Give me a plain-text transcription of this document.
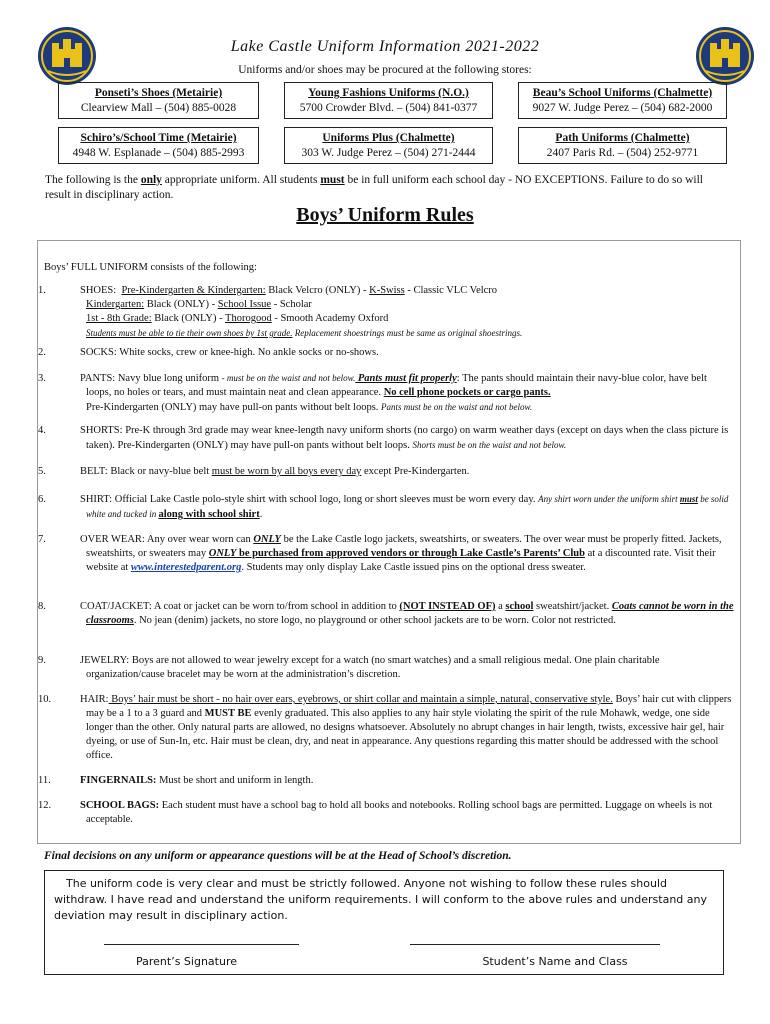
Lake Castle Uniform Information 2021-2022
Uniforms and/or shoes may be procured at the following stores:
Ponseti’s Shoes (Metairie)
Clearview Mall – (504) 885-0028
Young Fashions Uniforms (N.O.)
5700 Crowder Blvd. – (504) 841-0377
Beau’s School Uniforms (Chalmette)
9027 W. Judge Perez – (504) 682-2000
Schiro’s/School Time (Metairie)
4948 W. Esplanade – (504) 885-2993
Uniforms Plus (Chalmette)
303 W. Judge Perez – (504) 271-2444
Path Uniforms (Chalmette)
2407 Paris Rd. – (504) 252-9771
The following is the only appropriate uniform. All students must be in full uniform each school day - NO EXCEPTIONS. Failure to do so will result in disciplinary action.
Boys’ Uniform Rules
Boys’ FULL UNIFORM consists of the following:
1.	SHOES: Pre-Kindergarten & Kindergarten: Black Velcro (ONLY) - K-Swiss - Classic VLC Velcro
Kindergarten: Black (ONLY) - School Issue - Scholar
1st - 8th Grade: Black (ONLY) - Thorogood - Smooth Academy Oxford
Students must be able to tie their own shoes by 1st grade. Replacement shoestrings must be same as original shoestrings.
2.	SOCKS: White socks, crew or knee-high. No ankle socks or no-shows.
3.	PANTS: Navy blue long uniform - must be on the waist and not below. Pants must fit properly: The pants should maintain their navy-blue color, have belt loops, no holes or tears, and must maintain neat and clean appearance. No cell phone pockets or cargo pants.
Pre-Kindergarten (ONLY) may have pull-on pants without belt loops. Pants must be on the waist and not below.
4.	SHORTS: Pre-K through 3rd grade may wear knee-length navy uniform shorts (no cargo) on warm weather days (except on days when the class picture is taken). Pre-Kindergarten (ONLY) may have pull-on pants without belt loops. Shorts must be on the waist and not below.
5.	BELT: Black or navy-blue belt must be worn by all boys every day except Pre-Kindergarten.
6.	SHIRT: Official Lake Castle polo-style shirt with school logo, long or short sleeves must be worn every day. Any shirt worn under the uniform shirt must be solid white and tucked in along with school shirt.
7.	OVER WEAR: Any over wear worn can ONLY be the Lake Castle logo jackets, sweatshirts, or sweaters. The over wear must be properly fitted. Jackets, sweatshirts, or sweaters may ONLY be purchased from approved vendors or through Lake Castle’s Parents’ Club at a discounted rate. Visit their website at www.interestedparent.org. Students may only display Lake Castle issued pins on the optional dress sweater.
8.	COAT/JACKET: A coat or jacket can be worn to/from school in addition to (NOT INSTEAD OF) a school sweatshirt/jacket. Coats cannot be worn in the classrooms. No jean (denim) jackets, no store logo, no playground or other school jackets are to be worn. Color not restricted.
9.	JEWELRY: Boys are not allowed to wear jewelry except for a watch (no smart watches) and a small religious medal. One plain charitable organization/cause bracelet may be worn at the administration’s discretion.
10.	HAIR: Boys’ hair must be short - no hair over ears, eyebrows, or shirt collar and maintain a simple, natural, conservative style. Boys’ hair cut with clippers may be a 1 to a 3 guard and MUST BE evenly graduated. This also applies to any hair style violating the spirit of the rule Mohawk, wedge, one side longer than the other. Only natural parts are allowed, no designs whatsoever. Absolutely no abrupt changes in hair length, twists, excessive hair gel, hair dyeing, or use of Sun-In, etc. Hair must be clean, dry, and neat in appearance. Any questions regarding this matter should be addressed with the school office.
11.	FINGERNAILS: Must be short and uniform in length.
12.	SCHOOL BAGS: Each student must have a school bag to hold all books and notebooks. Rolling school bags are permitted. Luggage on wheels is not acceptable.
Final decisions on any uniform or appearance questions will be at the Head of School’s discretion.
The uniform code is very clear and must be strictly followed. Anyone not wishing to follow these rules should withdraw. I have read and understand the uniform requirements. I will conform to the above rules and understand any deviation may result in disciplinary action.
Parent’s Signature	Student’s Name and Class
